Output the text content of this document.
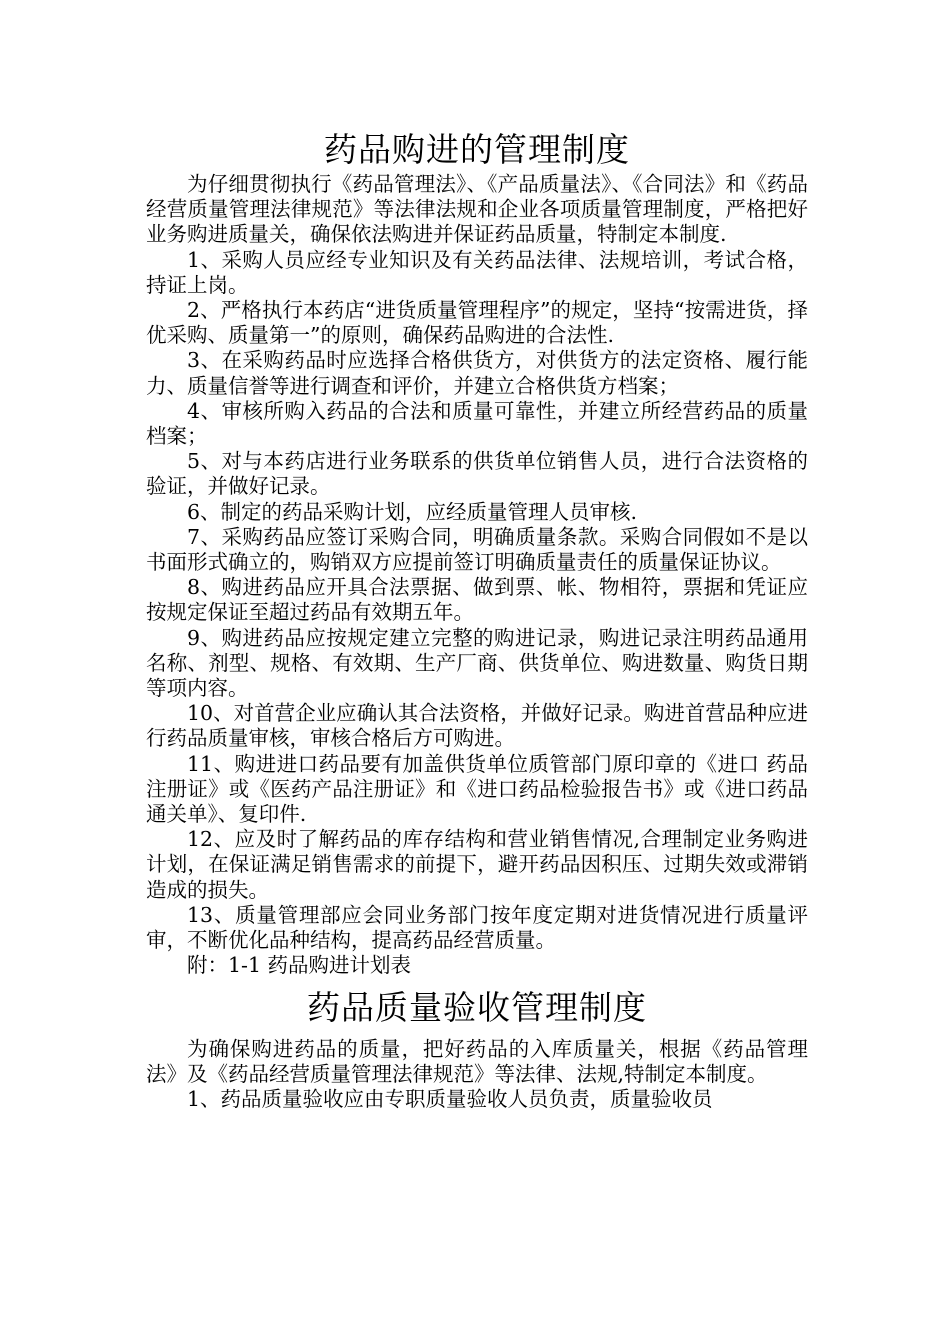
药品购进的管理制度

为仔细贯彻执行《药品管理法》、《产品质量法》、《合同法》和《药品经营质量管理法律规范》等法律法规和企业各项质量管理制度，严格把好业务购进质量关，确保依法购进并保证药品质量，特制定本制度.

1、采购人员应经专业知识及有关药品法律、法规培训，考试合格，持证上岗。

2、严格执行本药店“进货质量管理程序”的规定，坚持“按需进货，择优采购、质量第一”的原则，确保药品购进的合法性.

3、在采购药品时应选择合格供货方，对供货方的法定资格、履行能力、质量信誉等进行调查和评价，并建立合格供货方档案；

4、审核所购入药品的合法和质量可靠性，并建立所经营药品的质量档案；

5、对与本药店进行业务联系的供货单位销售人员，进行合法资格的验证，并做好记录。

6、制定的药品采购计划，应经质量管理人员审核.

7、采购药品应签订采购合同，明确质量条款。采购合同假如不是以书面形式确立的，购销双方应提前签订明确质量责任的质量保证协议。

8、购进药品应开具合法票据、做到票、帐、物相符，票据和凭证应按规定保证至超过药品有效期五年。

9、购进药品应按规定建立完整的购进记录，购进记录注明药品通用名称、剂型、规格、有效期、生产厂商、供货单位、购进数量、购货日期等项内容。

10、对首营企业应确认其合法资格，并做好记录。购进首营品种应进行药品质量审核，审核合格后方可购进。

11、购进进口药品要有加盖供货单位质管部门原印章的《进口 药品注册证》或《医药产品注册证》和《进口药品检验报告书》或《进口药品通关单》、复印件.

12、应及时了解药品的库存结构和营业销售情况,合理制定业务购进计划，在保证满足销售需求的前提下，避开药品因积压、过期失效或滞销造成的损失。

13、质量管理部应会同业务部门按年度定期对进货情况进行质量评审，不断优化品种结构，提高药品经营质量。

附：1-1 药品购进计划表

药品质量验收管理制度

为确保购进药品的质量，把好药品的入库质量关，根据《药品管理法》及《药品经营质量管理法律规范》等法律、法规,特制定本制度。

1、药品质量验收应由专职质量验收人员负责，质量验收员
